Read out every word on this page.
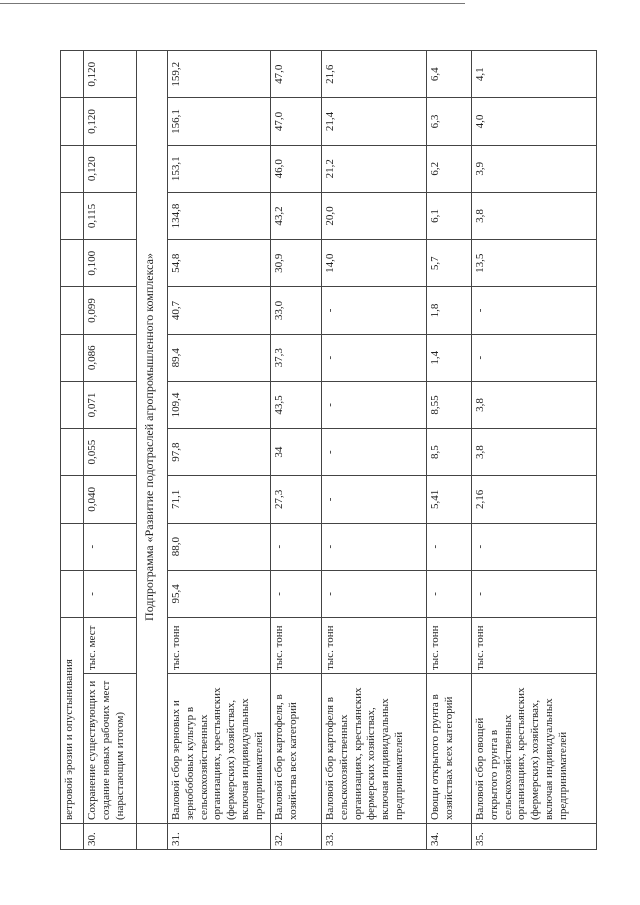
	ветровой эрозии и опустынивания													
30.	Сохранение существующих и создание новых рабочих мест (нарастающим итогом)	тыс. мест	-	-	0,040	0,055	0,071	0,086	0,099	0,100	0,115	0,120	0,120	0,120
	Подпрограмма «Развитие подотраслей агропромышленного комплекса»													
31.	Валовой сбор зерновых и зернобобовых культур в сельскохозяйственных организациях, крестьянских (фермерских) хозяйствах, включая индивидуальных предпринимателей	тыс. тонн	95,4	88,0	71,1	97,8	109,4	89,4	40,7	54,8	134,8	153,1	156,1	159,2
32.	Валовой сбор картофеля, в хозяйства всех категорий	тыс. тонн	-	-	27,3	34	43,5	37,3	33,0	30,9	43,2	46,0	47,0	47,0
33.	Валовой сбор картофеля в сельскохозяйственных организациях, крестьянских фермерских хозяйствах, включая индивидуальных предпринимателей	тыс. тонн	-	-	-	-	-	-	-	14,0	20,0	21,2	21,4	21,6
34.	Овощи открытого грунта в хозяйствах всех категорий	тыс. тонн	-	-	5,41	8,5	8,55	1,4	1,8	5,7	6,1	6,2	6,3	6,4
35.	Валовой сбор овощей открытого грунта в сельскохозяйственных организациях, крестьянских (фермерских) хозяйствах, включая индивидуальных предпринимателей	тыс. тонн	-	-	2,16	3,8	3,8	-	-	13,5	3,8	3,9	4,0	4,1
